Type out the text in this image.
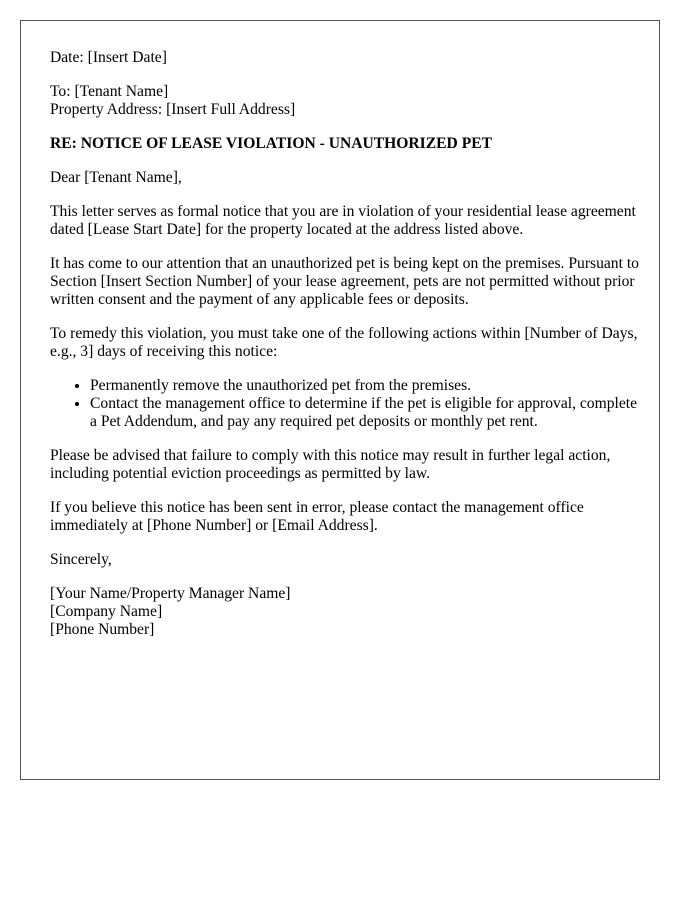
Date: [Insert Date]
To: [Tenant Name]
Property Address: [Insert Full Address]
RE: NOTICE OF LEASE VIOLATION - UNAUTHORIZED PET
Dear [Tenant Name],
This letter serves as formal notice that you are in violation of your residential lease agreement dated [Lease Start Date] for the property located at the address listed above.
It has come to our attention that an unauthorized pet is being kept on the premises. Pursuant to Section [Insert Section Number] of your lease agreement, pets are not permitted without prior written consent and the payment of any applicable fees or deposits.
To remedy this violation, you must take one of the following actions within [Number of Days, e.g., 3] days of receiving this notice:
• Permanently remove the unauthorized pet from the premises.
• Contact the management office to determine if the pet is eligible for approval, complete a Pet Addendum, and pay any required pet deposits or monthly pet rent.
Please be advised that failure to comply with this notice may result in further legal action, including potential eviction proceedings as permitted by law.
If you believe this notice has been sent in error, please contact the management office immediately at [Phone Number] or [Email Address].
Sincerely,
[Your Name/Property Manager Name]
[Company Name]
[Phone Number]
